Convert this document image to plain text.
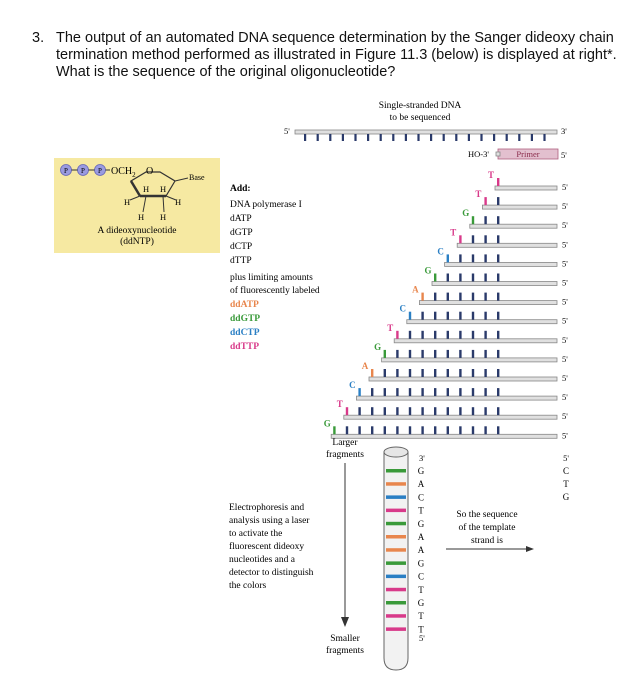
3. The output of an automated DNA sequence determination by the Sanger dideoxy chain termination method performed as illustrated in Figure 11.3 (below) is displayed at right*. What is the sequence of the original oligonucleotide?
P P P $OCH_2$ O
Base
H H
H	H
H H
A dideoxynucleotide
(ddNTP)
Single-stranded DNA
to be sequenced
Add:
DNA polymerase I
dATP
dGTP
dCTP
dTTP
plus limiting amounts
of fluorescently labeled
ddATP
ddGTP
ddCTP
ddTTP
5'	3'
HO-3'	Primer	5'
T
5'
T
5'
G
5'
T
5'
C
5'
G
5'
A
5'
C
5'
T
5'
G
5'
A
5'
C
5'
T
5'
G
5'
Larger
fragments
Smaller
fragments
Electrophoresis and
analysis using a laser
to activate the
fluorescent dideoxy
nucleotides and a
detector to distinguish
the colors
3'
G
A
C
T
G
A
A
G
C
T
G
T
T
5'
So the sequence
of the template
strand is
5'
C
T
G
